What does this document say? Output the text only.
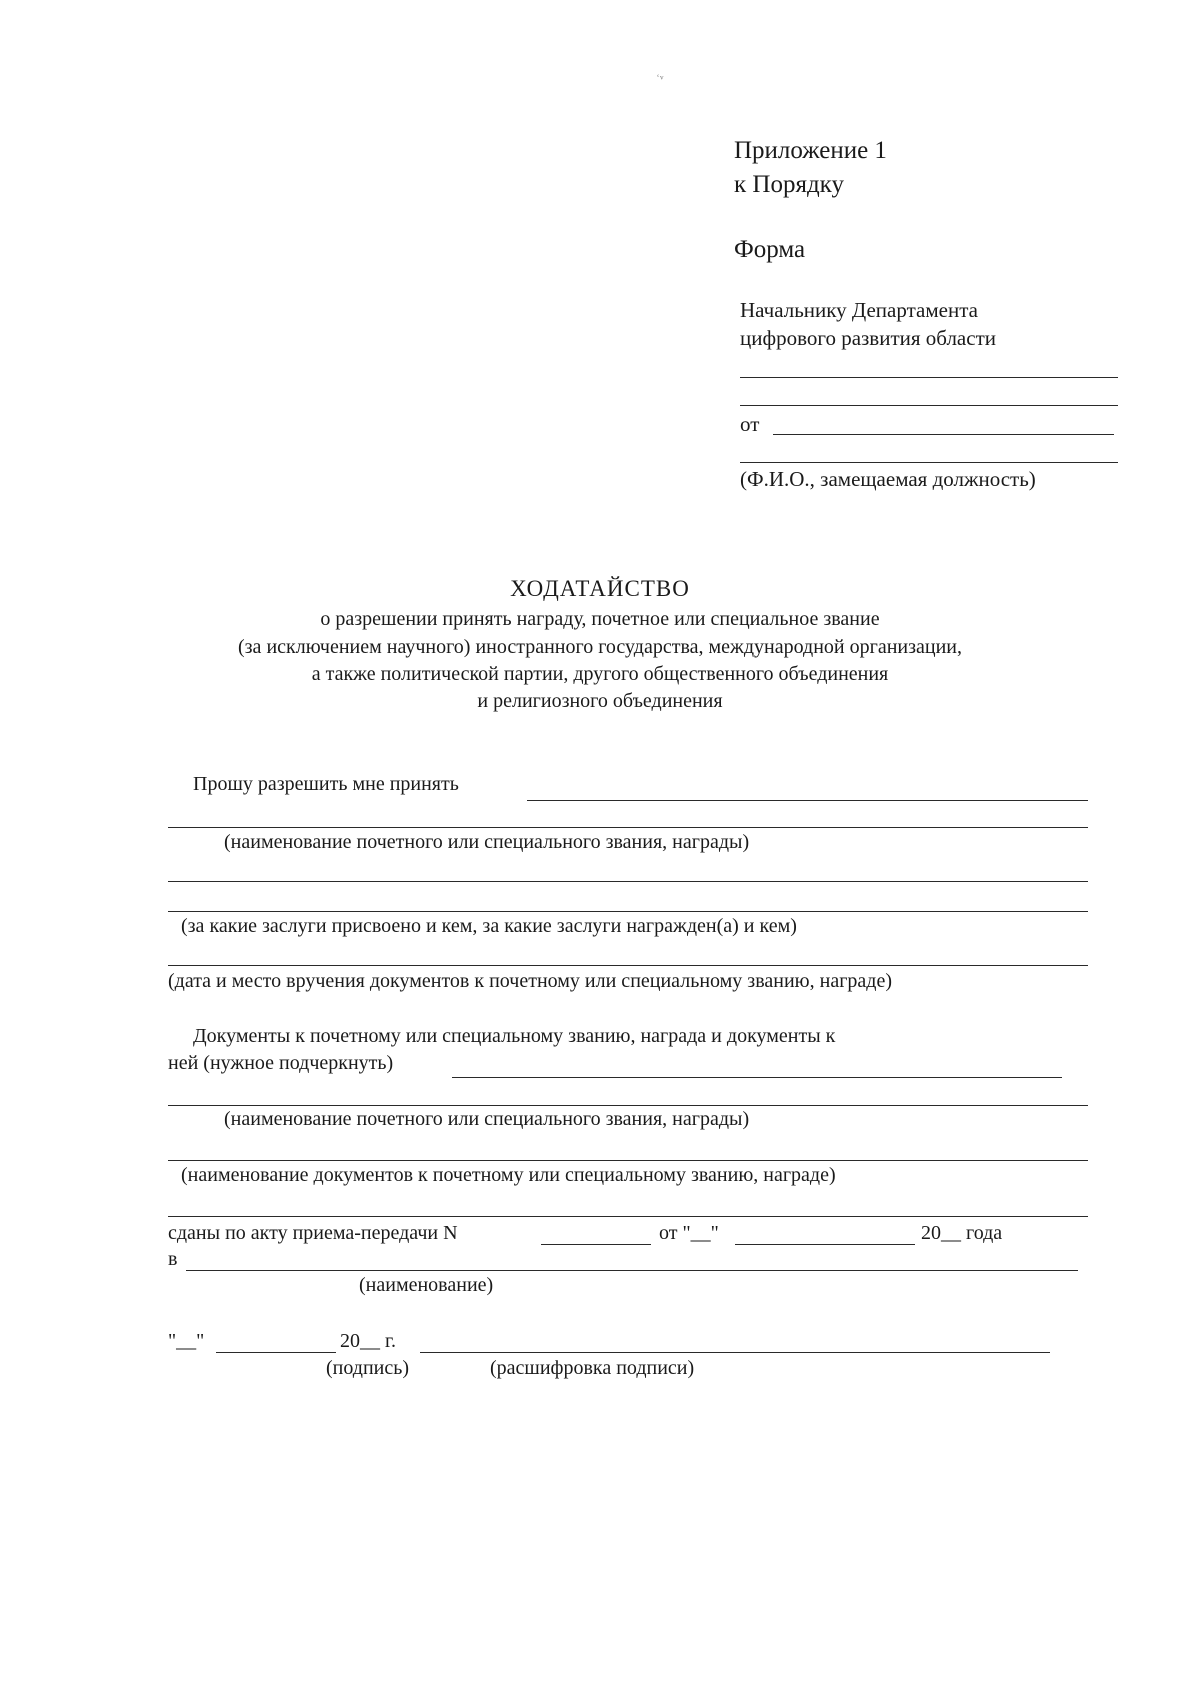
ʿᵛ
Приложение 1
к Порядку
Форма
Начальнику Департамента
цифрового развития области
от
(Ф.И.О., замещаемая должность)
ХОДАТАЙСТВО
о разрешении принять награду, почетное или специальное звание
(за исключением научного) иностранного государства, международной организации,
а также политической партии, другого общественного объединения
и религиозного объединения
Прошу разрешить мне принять
(наименование почетного или специального звания, награды)
(за какие заслуги присвоено и кем, за какие заслуги награжден(а) и кем)
(дата и место вручения документов к почетному или специальному званию, награде)
Документы к почетному или специальному званию, награда и документы к
ней (нужное подчеркнуть)
(наименование почетного или специального звания, награды)
(наименование документов к почетному или специальному званию, награде)
сданы по акту приема-передачи N	от "__"	20__ года
в
(наименование)
"__"	20__ г.
(подпись)	(расшифровка подписи)
